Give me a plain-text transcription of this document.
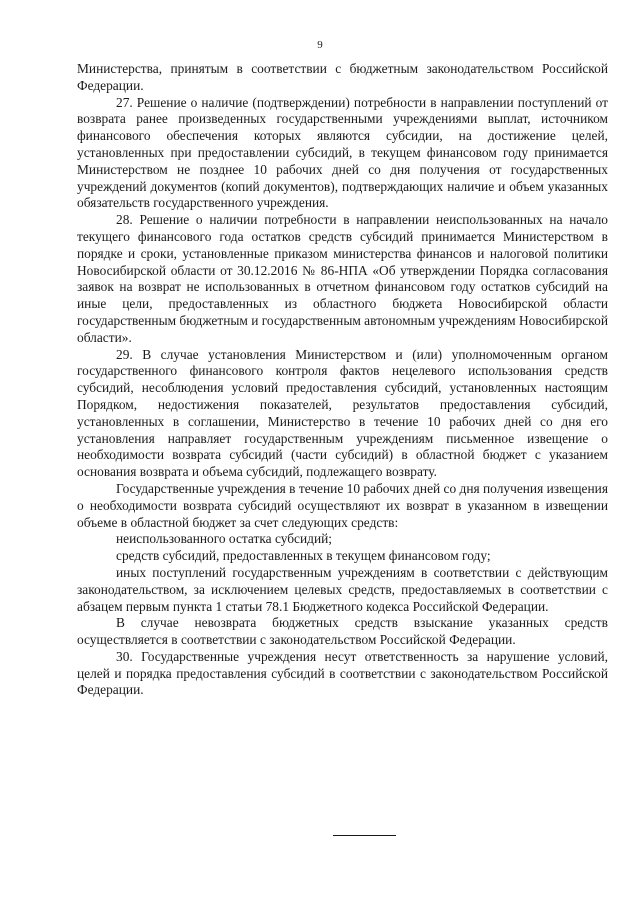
9

Министерства, принятым в соответствии с бюджетным законодательством Российской Федерации.

27. Решение о наличие (подтверждении) потребности в направлении поступлений от возврата ранее произведенных государственными учреждениями выплат, источником финансового обеспечения которых являются субсидии, на достижение целей, установленных при предоставлении субсидий, в текущем финансовом году принимается Министерством не позднее 10 рабочих дней со дня получения от государственных учреждений документов (копий документов), подтверждающих наличие и объем указанных обязательств государственного учреждения.

28. Решение о наличии потребности в направлении неиспользованных на начало текущего финансового года остатков средств субсидий принимается Министерством в порядке и сроки, установленные приказом министерства финансов и налоговой политики Новосибирской области от 30.12.2016 № 86-НПА «Об утверждении Порядка согласования заявок на возврат не использованных в отчетном финансовом году остатков субсидий на иные цели, предоставленных из областного бюджета Новосибирской области государственным бюджетным и государственным автономным учреждениям Новосибирской области».

29. В случае установления Министерством и (или) уполномоченным органом государственного финансового контроля фактов нецелевого использования средств субсидий, несоблюдения условий предоставления субсидий, установленных настоящим Порядком, недостижения показателей, результатов предоставления субсидий, установленных в соглашении, Министерство в течение 10 рабочих дней со дня его установления направляет государственным учреждениям письменное извещение о необходимости возврата субсидий (части субсидий) в областной бюджет с указанием основания возврата и объема субсидий, подлежащего возврату.

Государственные учреждения в течение 10 рабочих дней со дня получения извещения о необходимости возврата субсидий осуществляют их возврат в указанном в извещении объеме в областной бюджет за счет следующих средств:

неиспользованного остатка субсидий;

средств субсидий, предоставленных в текущем финансовом году;

иных поступлений государственным учреждениям в соответствии с действующим законодательством, за исключением целевых средств, предоставляемых в соответствии с абзацем первым пункта 1 статьи 78.1 Бюджетного кодекса Российской Федерации.

В случае невозврата бюджетных средств взыскание указанных средств осуществляется в соответствии с законодательством Российской Федерации.

30. Государственные учреждения несут ответственность за нарушение условий, целей и порядка предоставления субсидий в соответствии с законодательством Российской Федерации.
